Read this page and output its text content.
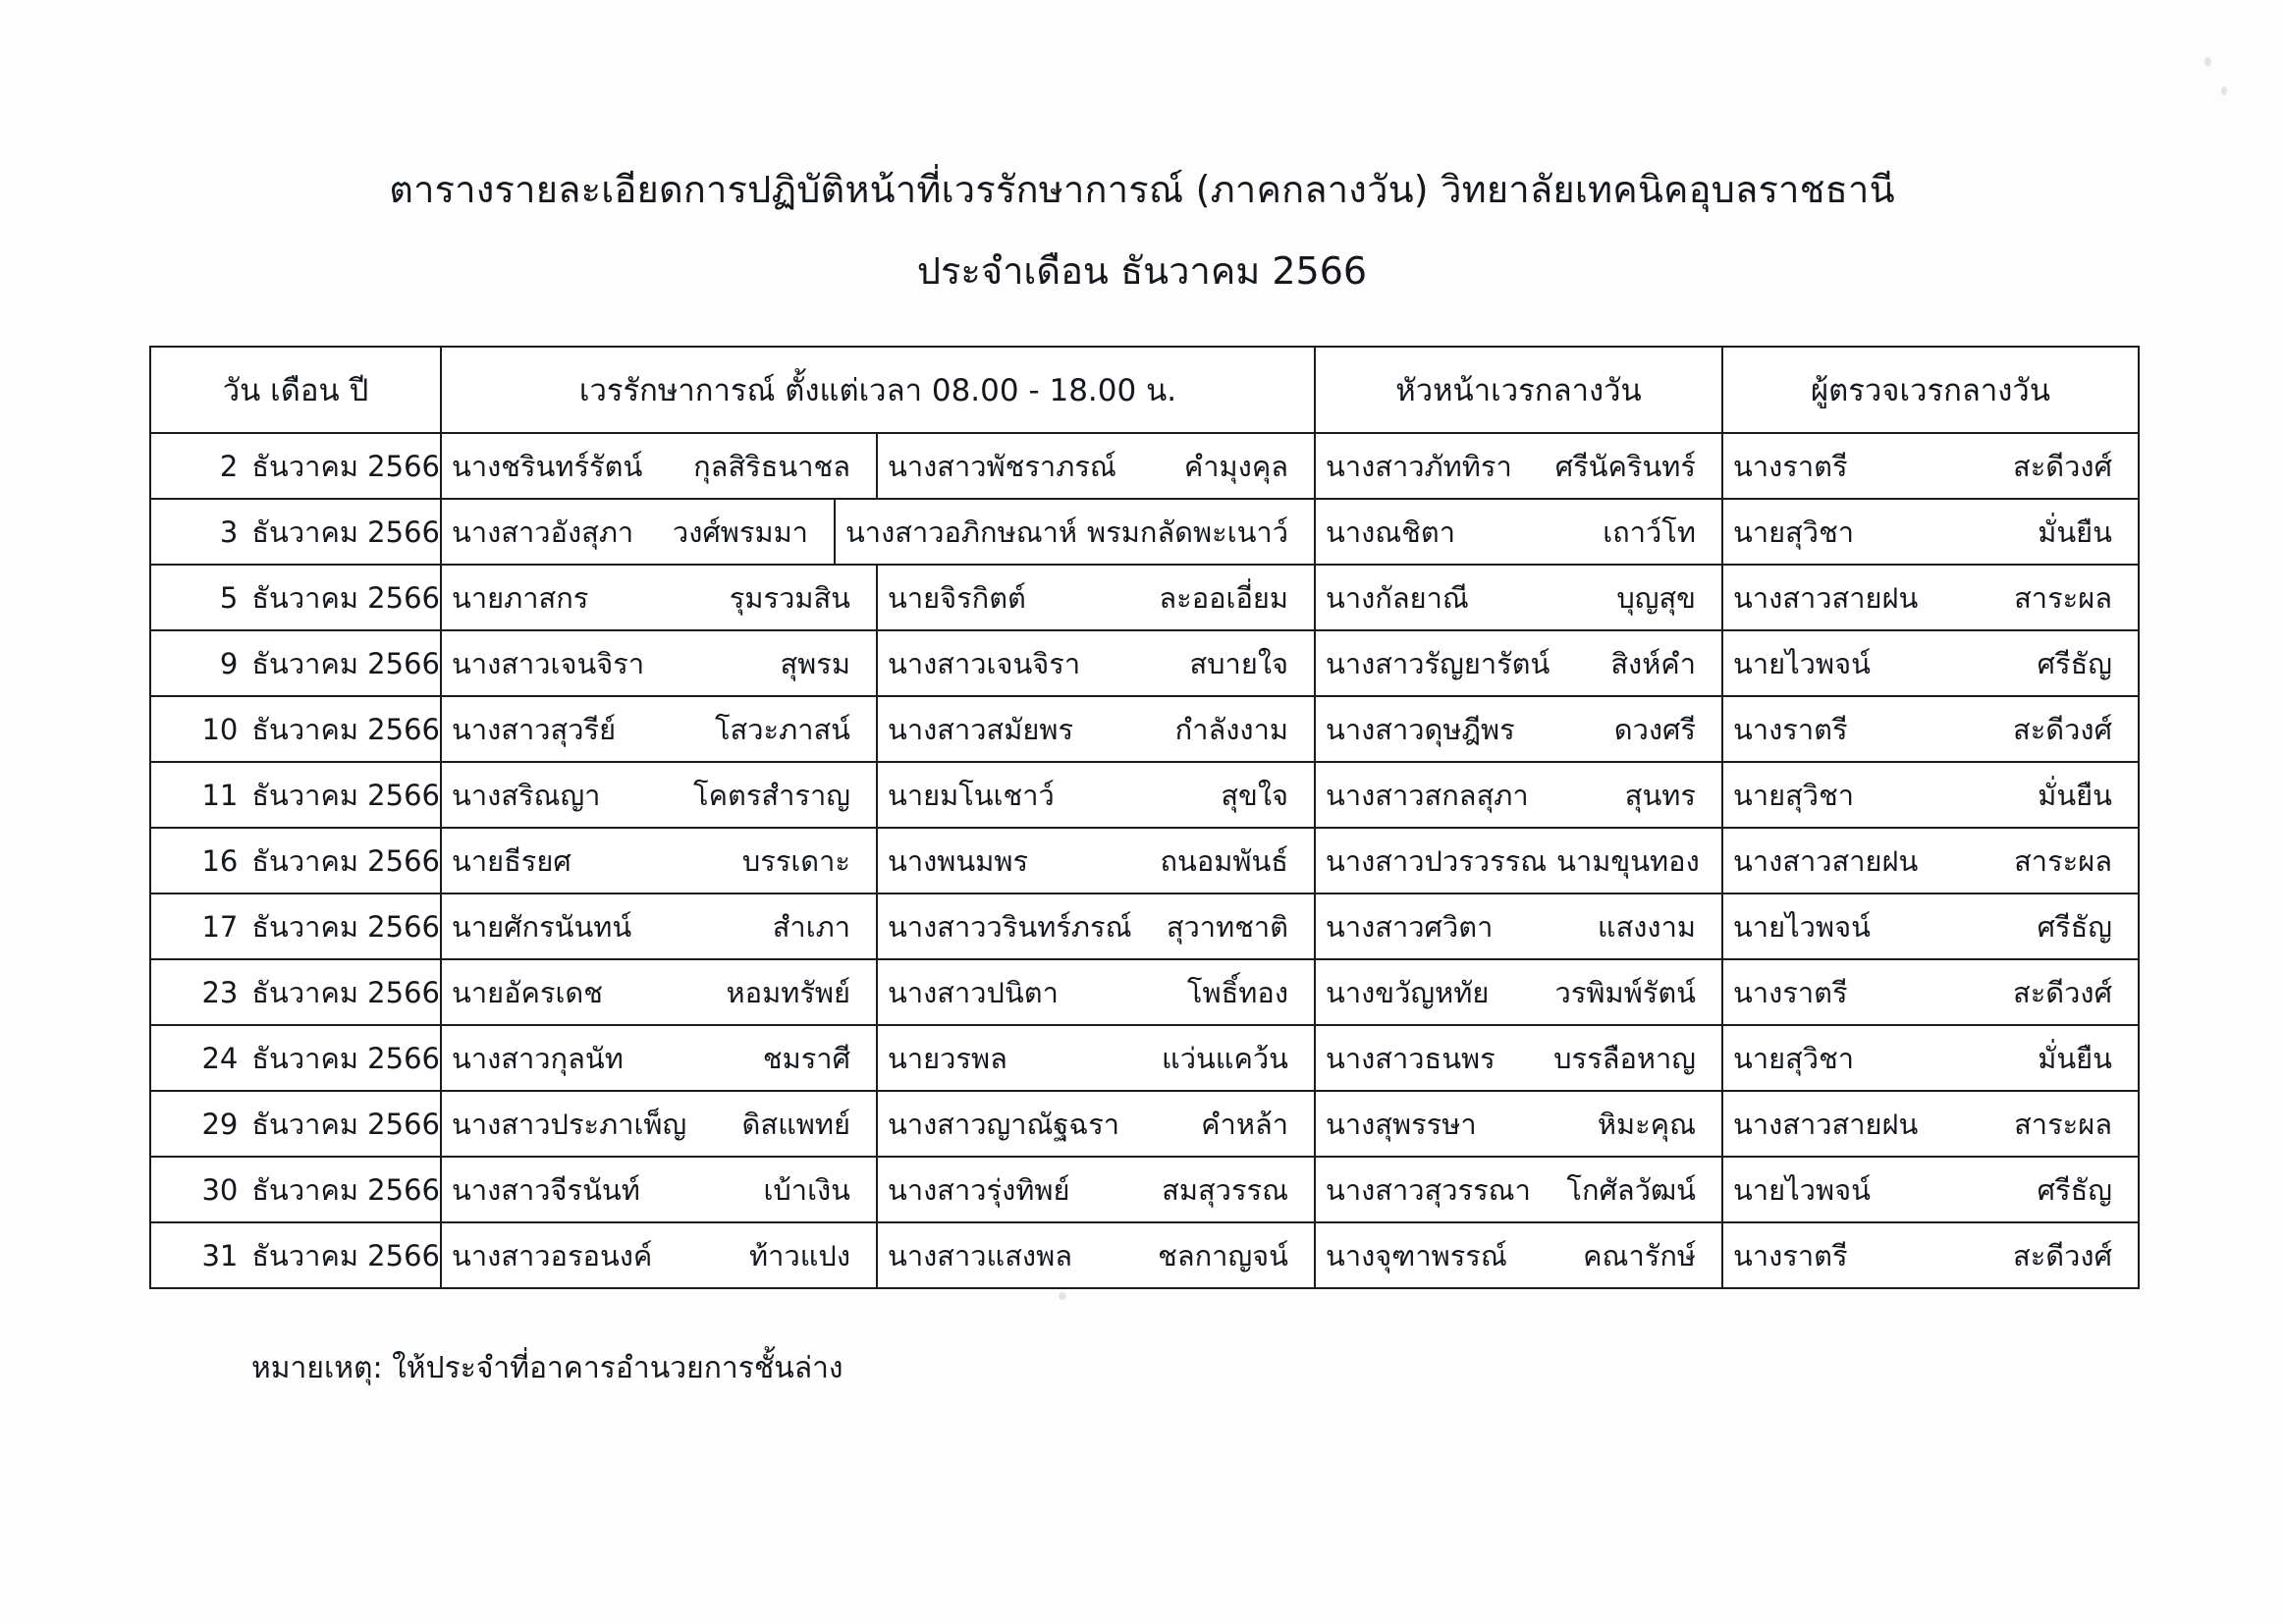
ตารางรายละเอียดการปฏิบัติหน้าที่เวรรักษาการณ์ (ภาคกลางวัน) วิทยาลัยเทคนิคอุบลราชธานี
ประจำเดือน ธันวาคม 2566
วัน เดือน ปี	เวรรักษาการณ์ ตั้งแต่เวลา 08.00 - 18.00 น.	หัวหน้าเวรกลางวัน	ผู้ตรวจเวรกลางวัน
2 ธันวาคม 2566	นางชรินทร์รัตน์ กุลสิริธนาชล	นางสาวพัชราภรณ์ คำมุงคุล	นางสาวภัททิรา ศรีนัครินทร์	นางราตรี	สะดีวงศ์

3 ธันวาคม 2566	นางสาวอังสุภา วงศ์พรมมา	นางสาวอภิกษณาห์ พรมกลัดพะเนาว์	นางณชิตา	เถาว์โท	นายสุวิชา	มั่นยืน

5 ธันวาคม 2566	นายภาสกร	รุมรวมสิน	นายจิรกิตต์	ละออเอี่ยม	นางกัลยาณี	บุญสุข	นางสาวสายฝน	สาระผล

9 ธันวาคม 2566	นางสาวเจนจิรา	สุพรม	นางสาวเจนจิรา	สบายใจ	นางสาวรัญยารัตน์ สิงห์คำ	นายไวพจน์	ศรีธัญ

10 ธันวาคม 2566	นางสาวสุวรีย์	โสวะภาสน์	นางสาวสมัยพร	กำลังงาม	นางสาวดุษฎีพร	ดวงศรี	นางราตรี	สะดีวงศ์

11 ธันวาคม 2566	นางสริณญา	โคตรสำราญ	นายมโนเชาว์	สุขใจ	นางสาวสกลสุภา	สุนทร	นายสุวิชา	มั่นยืน

16 ธันวาคม 2566	นายธีรยศ	บรรเดาะ	นางพนมพร	ถนอมพันธ์	นางสาวปวรวรรณ นามขุนทอง	นางสาวสายฝน	สาระผล

17 ธันวาคม 2566	นายศักรนันทน์	สำเภา	นางสาววรินทร์ภรณ์ สุวาทชาติ	นางสาวศวิตา	แสงงาม	นายไวพจน์	ศรีธัญ

23 ธันวาคม 2566	นายอัครเดช	หอมทรัพย์	นางสาวปนิตา	โพธิ์ทอง	นางขวัญหทัย วรพิมพ์รัตน์	นางราตรี	สะดีวงศ์

24 ธันวาคม 2566	นางสาวกุลนัท	ชมราศี	นายวรพล	แว่นแคว้น	นางสาวธนพร บรรลือหาญ	นายสุวิชา	มั่นยืน

29 ธันวาคม 2566	นางสาวประภาเพ็ญ ดิสแพทย์	นางสาวญาณัฐฉรา	คำหล้า	นางสุพรรษา	หิมะคุณ	นางสาวสายฝน	สาระผล

30 ธันวาคม 2566	นางสาวจีรนันท์	เบ้าเงิน	นางสาวรุ่งทิพย์	สมสุวรรณ	นางสาวสุวรรณา โกศัลวัฒน์	นายไวพจน์	ศรีธัญ

31 ธันวาคม 2566	นางสาวอรอนงค์	ท้าวแปง	นางสาวแสงพล	ชลกาญจน์	นางจุฑาพรรณ์	คณารักษ์	นางราตรี	สะดีวงศ์
หมายเหตุ: ให้ประจำที่อาคารอำนวยการชั้นล่าง
